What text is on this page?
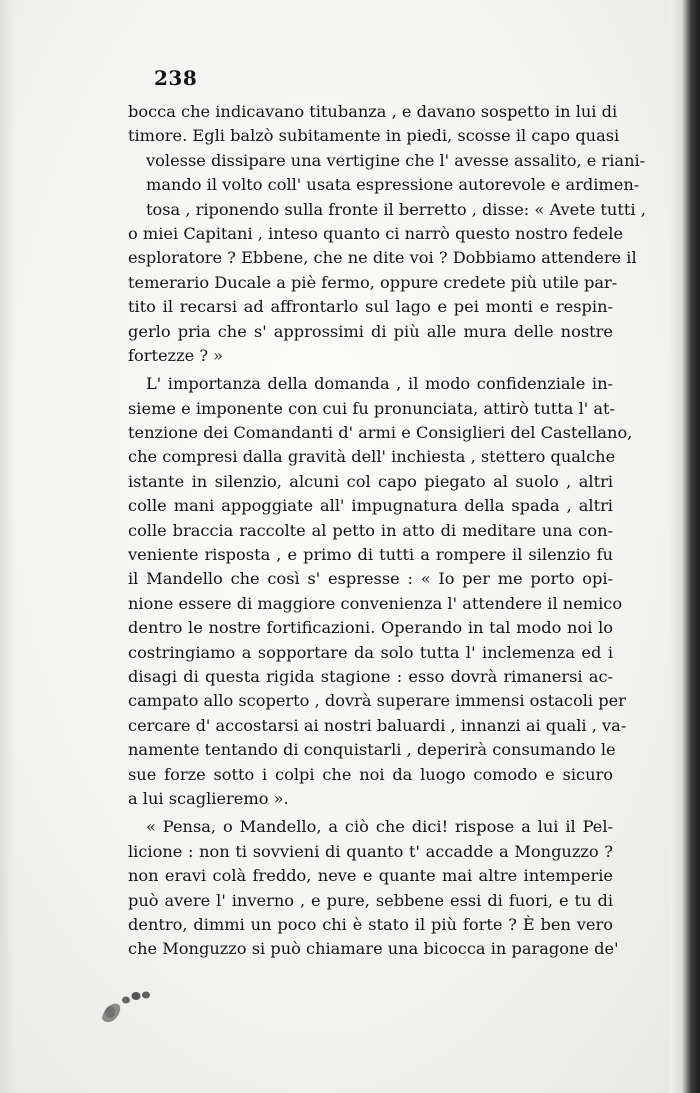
238
bocca che indicavano titubanza , e davano sospetto in lui di
timore. Egli balzò subitamente in piedi, scosse il capo quasi
volesse dissipare una vertigine che l' avesse assalito, e riani-
mando il volto coll' usata espressione autorevole e ardimen-
tosa , riponendo sulla fronte il berretto , disse: « Avete tutti ,
o miei Capitani , inteso quanto ci narrò questo nostro fedele
esploratore ? Ebbene, che ne dite voi ? Dobbiamo attendere il
temerario Ducale a piè fermo, oppure credete più utile par-
tito il recarsi ad affrontarlo sul lago e pei monti e respin-
gerlo pria che s' approssimi di più alle mura delle nostre
fortezze ? »
L' importanza della domanda , il modo confidenziale in-
sieme e imponente con cui fu pronunciata, attirò tutta l' at-
tenzione dei Comandanti d' armi e Consiglieri del Castellano,
che compresi dalla gravità dell' inchiesta , stettero qualche
istante in silenzio, alcuni col capo piegato al suolo , altri
colle mani appoggiate all' impugnatura della spada , altri
colle braccia raccolte al petto in atto di meditare una con-
veniente risposta , e primo di tutti a rompere il silenzio fu
il Mandello che così s' espresse : « Io per me porto opi-
nione essere di maggiore convenienza l' attendere il nemico
dentro le nostre fortificazioni. Operando in tal modo noi lo
costringiamo a sopportare da solo tutta l' inclemenza ed i
disagi di questa rigida stagione : esso dovrà rimanersi ac-
campato allo scoperto , dovrà superare immensi ostacoli per
cercare d' accostarsi ai nostri baluardi , innanzi ai quali , va-
namente tentando di conquistarli , deperirà consumando le
sue forze sotto i colpi che noi da luogo comodo e sicuro
a lui scaglieremo ».
« Pensa, o Mandello, a ciò che dici! rispose a lui il Pel-
licione : non ti sovvieni di quanto t' accadde a Monguzzo ?
non eravi colà freddo, neve e quante mai altre intemperie
può avere l' inverno , e pure, sebbene essi di fuori, e tu di
dentro, dimmi un poco chi è stato il più forte ? È ben vero
che Monguzzo si può chiamare una bicocca in paragone de'
